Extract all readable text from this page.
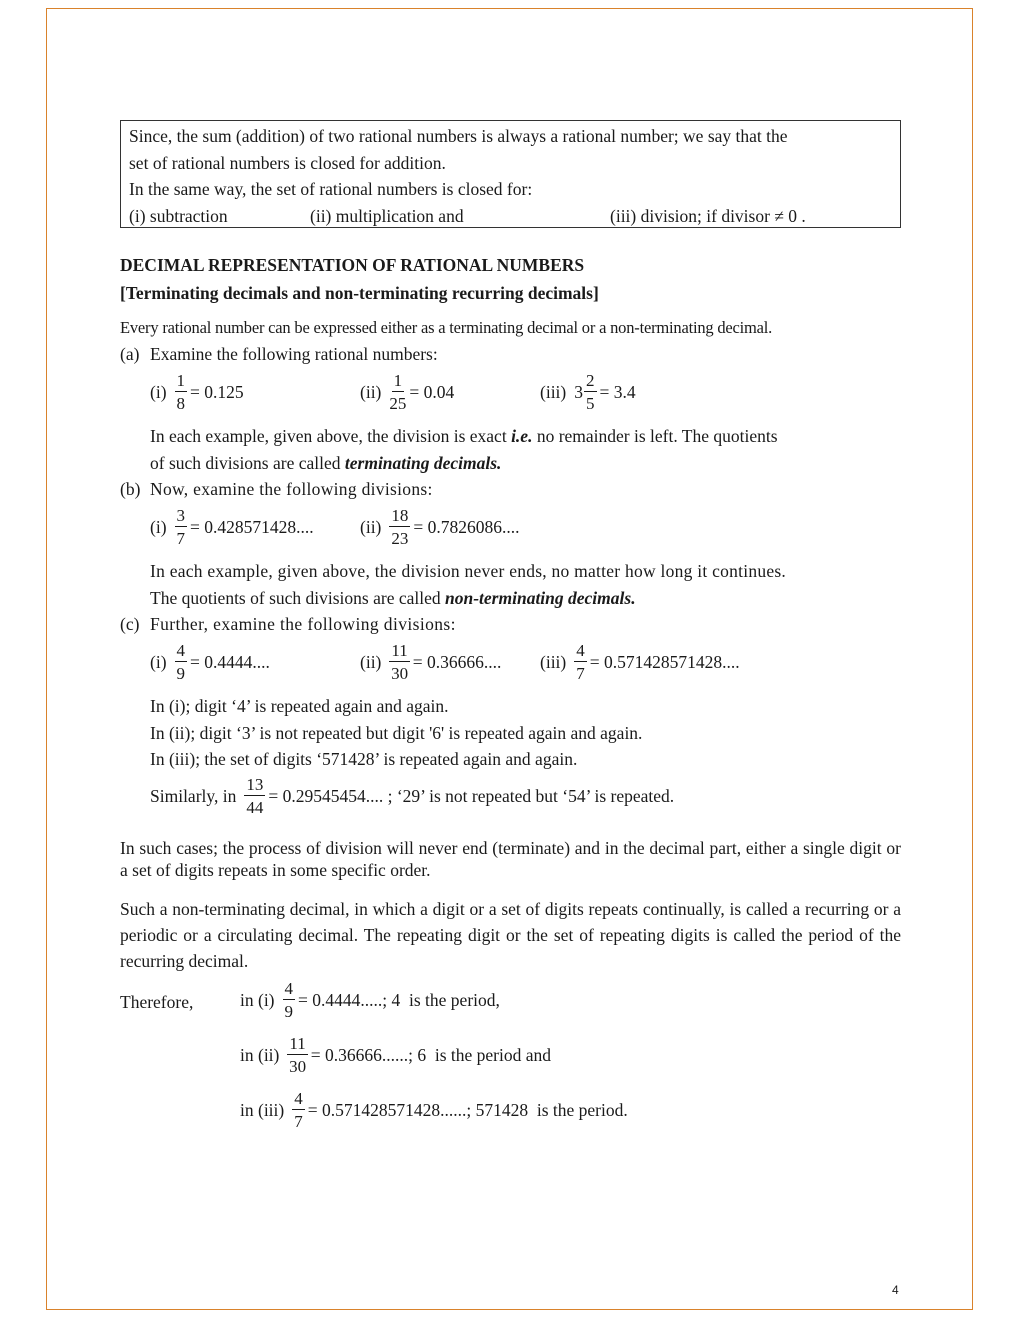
Since, the sum (addition) of two rational numbers is always a rational number; we say that the
set of rational numbers is closed for addition.
In the same way, the set of rational numbers is closed for:
(i) subtraction	(ii) multiplication and	(iii) division; if divisor ≠ 0 .
DECIMAL REPRESENTATION OF RATIONAL NUMBERS
[Terminating decimals and non-terminating recurring decimals]
Every rational number can be expressed either as a terminating decimal or a non-terminating decimal.
(a) Examine the following rational numbers:
$(i) \frac{1}{8} = 0.125$	$(ii) \frac{1}{25} = 0.04$	(iii) $3 \frac{2}{5} = 3.4$
In each example, given above, the division is exact i.e. no remainder is left. The quotients
of such divisions are called terminating decimals.
(b) Now, examine the following divisions:
$(i) \frac{3}{7} = 0.428571428$....	$(ii) \frac{18}{23} = 0.7826086$....
In each example, given above, the division never ends, no matter how long it continues.
The quotients of such divisions are called non-terminating decimals.
(c) Further, examine the following divisions:
$(i) \frac{4}{9} = 0.4444$....	$(ii) \frac{11}{30} = 0.36666$.... $(iii) \frac{4}{7} = 0.571428571428$....
In (i); digit ‘4’ is repeated again and again.
In (ii); digit ‘3’ is not repeated but digit '6' is repeated again and again.
In (iii); the set of digits ‘571428’ is repeated again and again.
Similarly, in $\frac{13}{44} = 0.29545454$.... ; ‘29’ is not repeated but ‘54’ is repeated.
In such cases; the process of division will never end (terminate) and in the decimal part, either a single digit or a set of digits repeats in some specific order.
Such a non-terminating decimal, in which a digit or a set of digits repeats continually, is called a recurring or a periodic or a circulating decimal. The repeating digit or the set of repeating digits is called the period of the recurring decimal.
Therefore,	in $(i) \frac{4}{9} = 0.4444$.....; 4  is the period,
in $(ii) \frac{11}{30} = 0.36666$......; 6  is the period and
in $(iii) \frac{4}{7} = 0.571428571428$......; 571428  is the period.
4
